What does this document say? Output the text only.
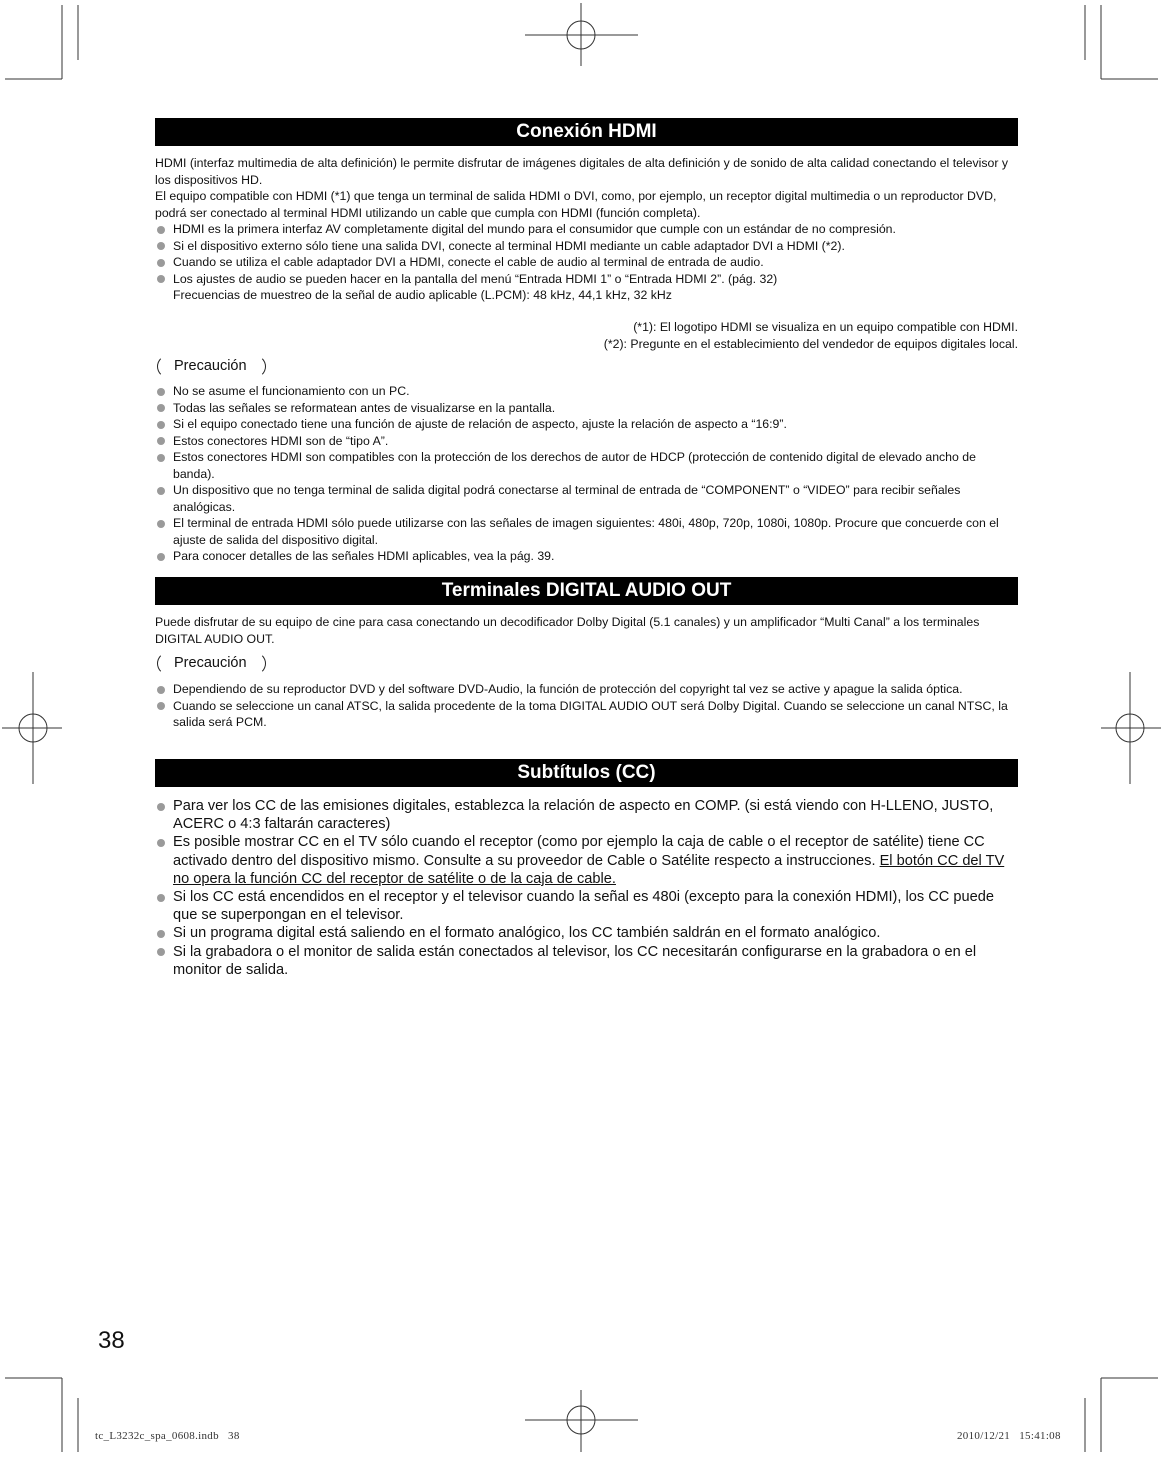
Conexión HDMI

HDMI (interfaz multimedia de alta definición) le permite disfrutar de imágenes digitales de alta definición y de sonido de alta calidad conectando el televisor y los dispositivos HD.

El equipo compatible con HDMI (*1) que tenga un terminal de salida HDMI o DVI, como, por ejemplo, un receptor digital multimedia o un reproductor DVD, podrá ser conectado al terminal HDMI utilizando un cable que cumpla con HDMI (función completa).

HDMI es la primera interfaz AV completamente digital del mundo para el consumidor que cumple con un estándar de no compresión.
Si el dispositivo externo sólo tiene una salida DVI, conecte al terminal HDMI mediante un cable adaptador DVI a HDMI (*2).
Cuando se utiliza el cable adaptador DVI a HDMI, conecte el cable de audio al terminal de entrada de audio.
Los ajustes de audio se pueden hacer en la pantalla del menú “Entrada HDMI 1” o “Entrada HDMI 2”. (pág. 32)
Frecuencias de muestreo de la señal de audio aplicable (L.PCM): 48 kHz, 44,1 kHz, 32 kHz
(*1): El logotipo HDMI se visualiza en un equipo compatible con HDMI.
(*2): Pregunte en el establecimiento del vendedor de equipos digitales local.
Precaución
No se asume el funcionamiento con un PC.
Todas las señales se reformatean antes de visualizarse en la pantalla.
Si el equipo conectado tiene una función de ajuste de relación de aspecto, ajuste la relación de aspecto a “16:9”.
Estos conectores HDMI son de “tipo A”.
Estos conectores HDMI son compatibles con la protección de los derechos de autor de HDCP (protección de contenido digital de elevado ancho de banda).
Un dispositivo que no tenga terminal de salida digital podrá conectarse al terminal de entrada de “COMPONENT” o “VIDEO” para recibir señales analógicas.
El terminal de entrada HDMI sólo puede utilizarse con las señales de imagen siguientes: 480i, 480p, 720p, 1080i, 1080p. Procure que concuerde con el ajuste de salida del dispositivo digital.
Para conocer detalles de las señales HDMI aplicables, vea la pág. 39.
Terminales DIGITAL AUDIO OUT

Puede disfrutar de su equipo de cine para casa conectando un decodificador Dolby Digital (5.1 canales) y un amplificador “Multi Canal” a los terminales DIGITAL AUDIO OUT.

Precaución
Dependiendo de su reproductor DVD y del software DVD-Audio, la función de protección del copyright tal vez se active y apague la salida óptica.
Cuando se seleccione un canal ATSC, la salida procedente de la toma DIGITAL AUDIO OUT será Dolby Digital. Cuando se seleccione un canal NTSC, la salida será PCM.
Subtítulos (CC)
Para ver los CC de las emisiones digitales, establezca la relación de aspecto en COMP. (si está viendo con H-LLENO, JUSTO, ACERC o 4:3 faltarán caracteres)
Es posible mostrar CC en el TV sólo cuando el receptor (como por ejemplo la caja de cable o el receptor de satélite) tiene CC activado dentro del dispositivo mismo. Consulte a su proveedor de Cable o Satélite respecto a instrucciones. El botón CC del TV no opera la función CC del receptor de satélite o de la caja de cable.
Si los CC está encendidos en el receptor y el televisor cuando la señal es 480i (excepto para la conexión HDMI), los CC puede que se superpongan en el televisor.
Si un programa digital está saliendo en el formato analógico, los CC también saldrán en el formato analógico.
Si la grabadora o el monitor de salida están conectados al televisor, los CC necesitarán configurarse en la grabadora o en el monitor de salida.
38
tc_L3232c_spa_0608.indb   38	2010/12/21   15:41:08
